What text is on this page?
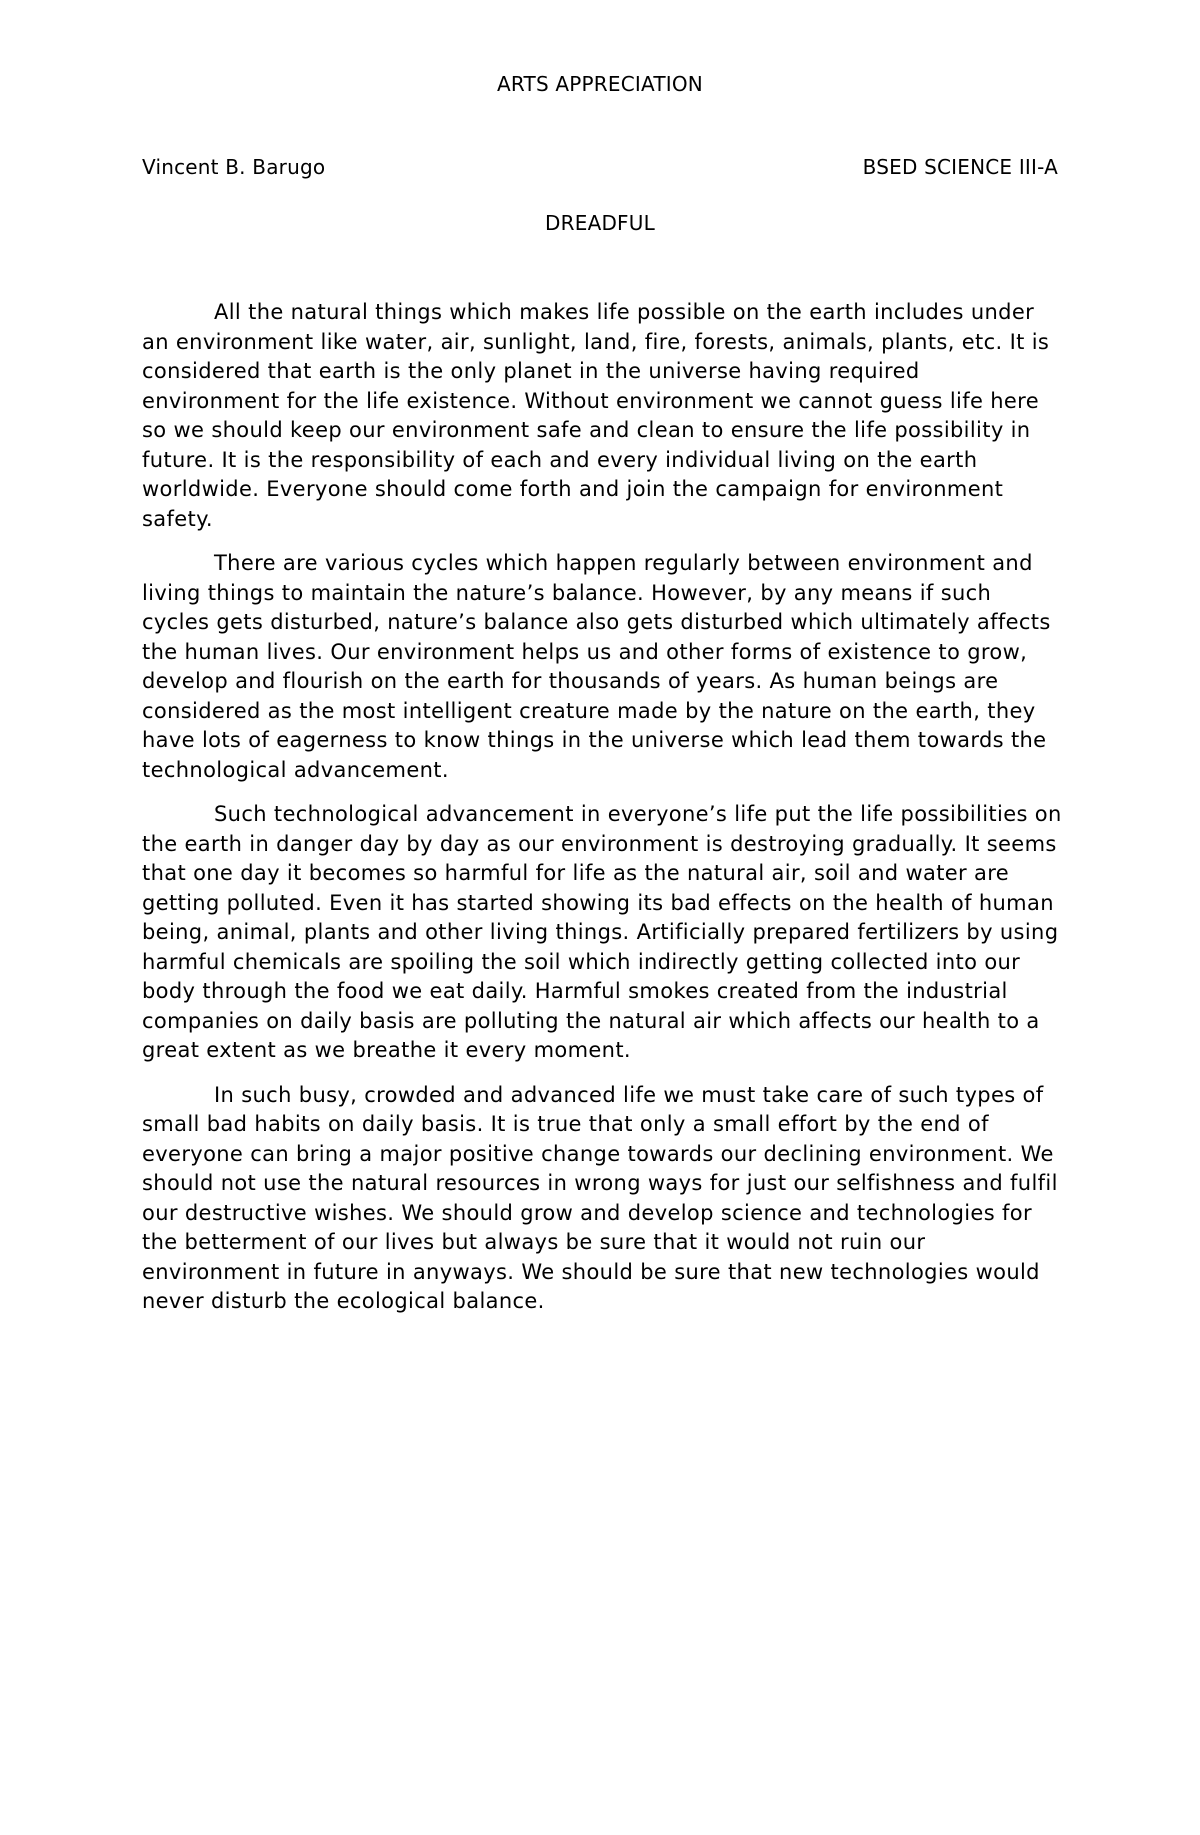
ARTS APPRECIATION
Vincent B. Barugo	BSED SCIENCE III-A
DREADFUL

All the natural things which makes life possible on the earth includes under an environment like water, air, sunlight, land, fire, forests, animals, plants, etc. It is considered that earth is the only planet in the universe having required environment for the life existence. Without environment we cannot guess life here so we should keep our environment safe and clean to ensure the life possibility in future. It is the responsibility of each and every individual living on the earth worldwide. Everyone should come forth and join the campaign for environment safety.

There are various cycles which happen regularly between environment and living things to maintain the nature’s balance. However, by any means if such cycles gets disturbed, nature’s balance also gets disturbed which ultimately affects the human lives. Our environment helps us and other forms of existence to grow, develop and flourish on the earth for thousands of years. As human beings are considered as the most intelligent creature made by the nature on the earth, they have lots of eagerness to know things in the universe which lead them towards the technological advancement.

Such technological advancement in everyone’s life put the life possibilities on the earth in danger day by day as our environment is destroying gradually. It seems that one day it becomes so harmful for life as the natural air, soil and water are getting polluted. Even it has started showing its bad effects on the health of human being, animal, plants and other living things. Artificially prepared fertilizers by using harmful chemicals are spoiling the soil which indirectly getting collected into our body through the food we eat daily. Harmful smokes created from the industrial companies on daily basis are polluting the natural air which affects our health to a great extent as we breathe it every moment.

In such busy, crowded and advanced life we must take care of such types of small bad habits on daily basis. It is true that only a small effort by the end of everyone can bring a major positive change towards our declining environment. We should not use the natural resources in wrong ways for just our selfishness and fulfil our destructive wishes. We should grow and develop science and technologies for the betterment of our lives but always be sure that it would not ruin our environment in future in anyways. We should be sure that new technologies would never disturb the ecological balance.
